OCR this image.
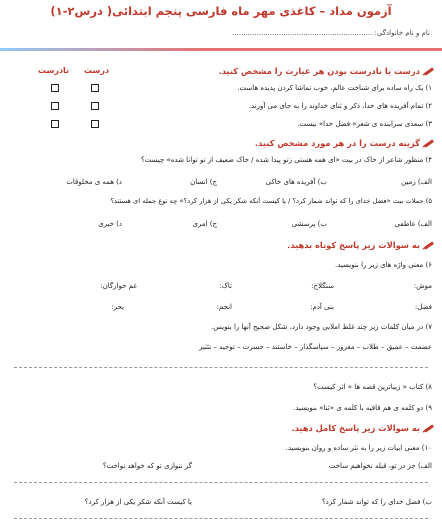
آزمون مداد – کاغذی مهر ماه فارسی پنجم ابتدائی( درس۲-۱)
نام و نام خانوادگی: ...............................................................
درست یا نادرست بودن هر عبارت را مشخص کنید.
درست
نادرست
۱) یک راه ساده برای شناخت عالم، خوب تماشا کردن پدیده هاست.
۲) تمام آفریده های خدا، ذکر و ثنای خداوند را به جای می آورند.
۳) سعدی سراینده ی شعر« فضل خدا» نیست.
گزینه درست را در هر مورد مشخص کنید.
۴) منظور شاعر از خاک در بیت «ای همه هستی زتو پیدا شده / خاک ضعیف از تو توانا شده» چیست؟
الف) زمین
ب) آفریده های خاکی
ج) انسان
د) همه ی مخلوقات
۵) جملات بیت «فضل خدای را که تواند شمار کرد؟ / یا کیست آنکه شکر یکی از هزار کرد؟» چه نوع جمله ای هستند؟
الف) عاطفی
ب) پرسشی
ج) امری
د) خبری
به سوالات زیر پاسخ کوتاه بدهید.
۶) معنی واژه های زیر را بنویسید.
موش:
سنگلاخ:
تاک:
غم خوارگان:
فضل:
بنی آدم:
انجم:
بحر:
۷) در میان کلمات زیر چند غلط املایی وجود دارد، شکل صحیح آنها را بنویس.
عضمت – عمیق – طلاب – مغرور – سپاسگذار – خاستند – حسرت – توحید – تئثیر
۸) کتاب « زیباترین قصه ها » اثر کیست؟
۹) دو کلمه ی هم قافیه با کلمه ی «ثنا» بنویسید.
به سوالات زیر پاسخ کامل دهید.
۱۰) معنی ابیات زیر را به نثر ساده و روان بنویسید.
الف) جز در تو، قبله نخواهیم ساخت
گر ننوازی تو که خواهد نواخت؟
ب) فضل خدای را که تواند شمار کرد؟
یا کیست آنکه شکر یکی از هزار کرد؟
